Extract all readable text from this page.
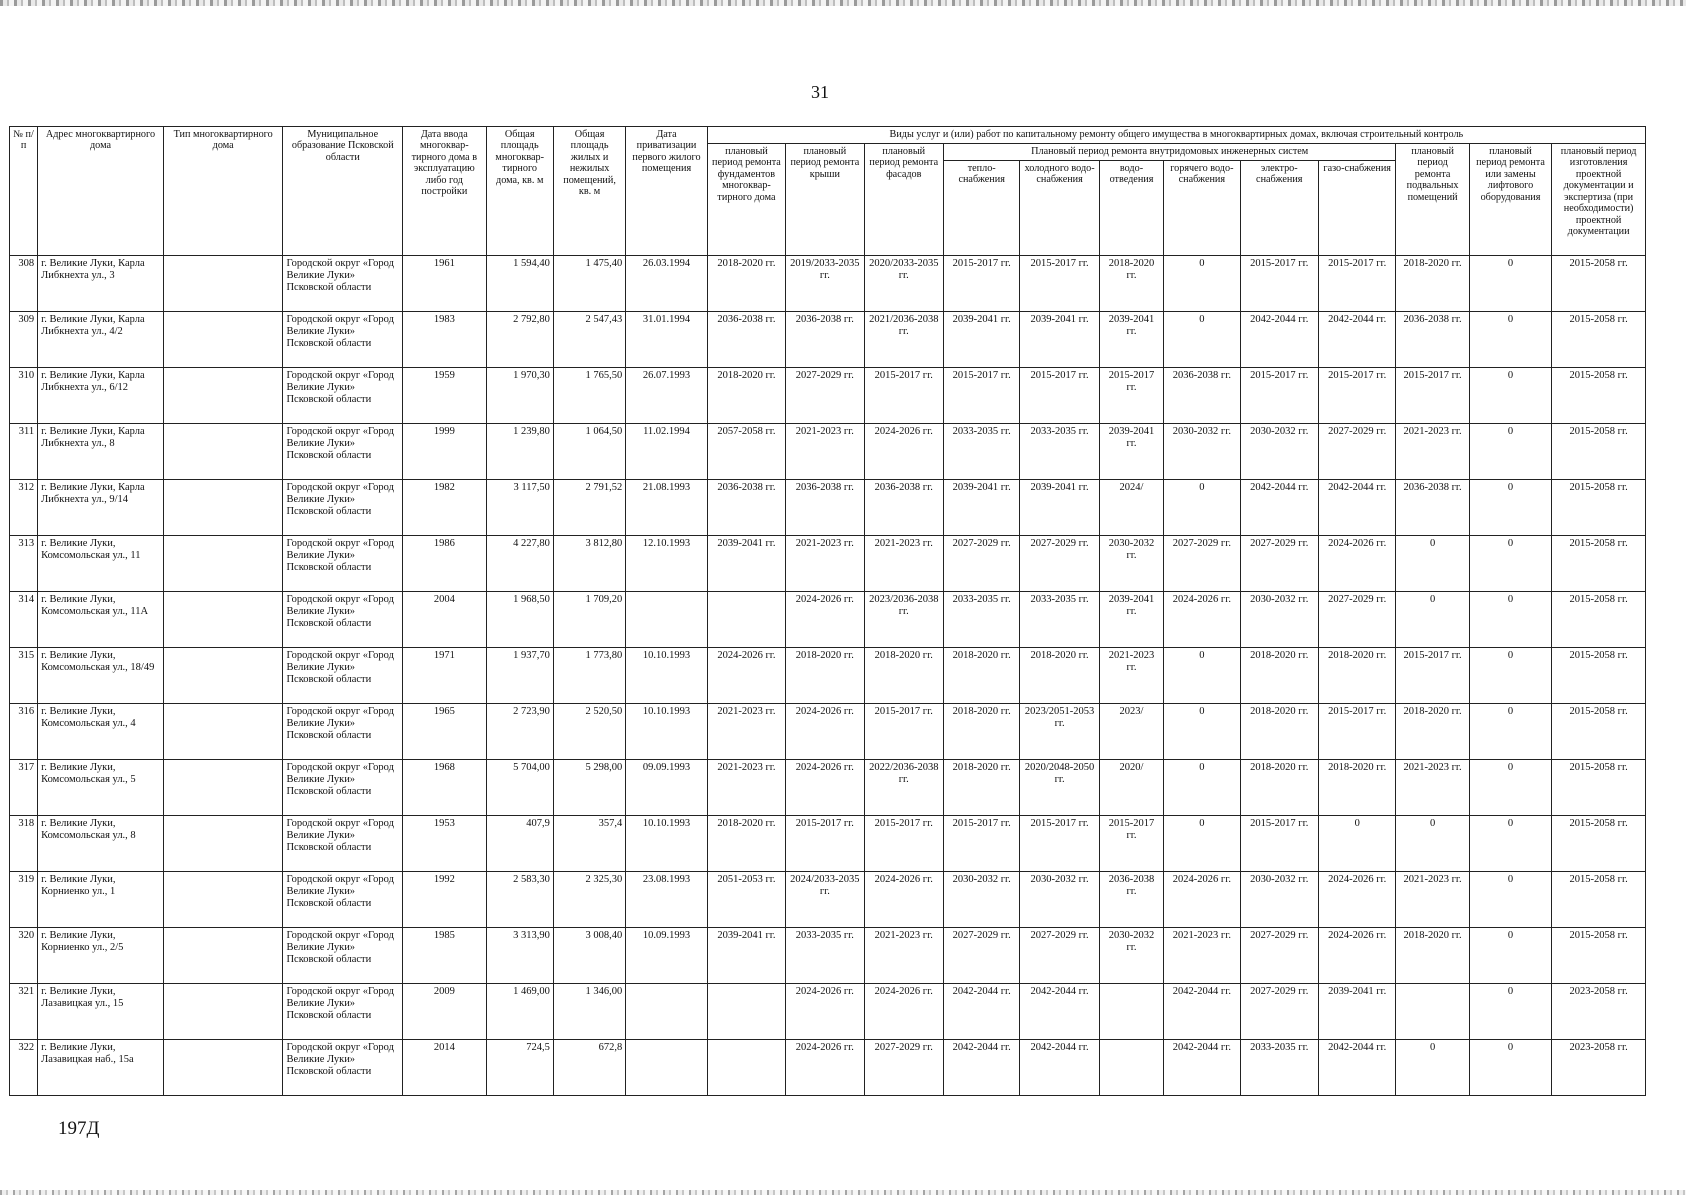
31
№ п/п	Адрес многоквартирного дома	Тип многоквартирного дома	Муниципальное образование Псковской области	Дата ввода многоквар-тирного дома в эксплуатацию либо год постройки	Общая площадь многоквар-тирного дома, кв. м	Общая площадь жилых и нежилых помещений, кв. м	Дата приватизации первого жилого помещения	Виды услуг и (или) работ по капитальному ремонту общего имущества в многоквартирных домах, включая строительный контроль											
								плановый период ремонта фундаментов многоквар-тирного дома	плановый период ремонта крыши	плановый период ремонта фасадов	Плановый период ремонта внутридомовых инженерных систем						плановый период ремонта подвальных помещений	плановый период ремонта или замены лифтового оборудования	плановый период изготовления проектной документации и экспертиза (при необходимости) проектной документации
											тепло-снабжения	холодного водо-снабжения	водо-отведения	горячего водо-снабжения	электро-снабжения	газо-снабжения			
308	г. Великие Луки, Карла Либкнехта ул., 3		Городской округ «Город Великие Луки» Псковской области	1961	1 594,40	1 475,40	26.03.1994	2018-2020 гг.	2019/2033-2035 гг.	2020/2033-2035 гг.	2015-2017 гг.	2015-2017 гг.	2018-2020 гг.	0	2015-2017 гг.	2015-2017 гг.	2018-2020 гг.	0	2015-2058 гг.
309	г. Великие Луки, Карла Либкнехта ул., 4/2		Городской округ «Город Великие Луки» Псковской области	1983	2 792,80	2 547,43	31.01.1994	2036-2038 гг.	2036-2038 гг.	2021/2036-2038 гг.	2039-2041 гг.	2039-2041 гг.	2039-2041 гг.	0	2042-2044 гг.	2042-2044 гг.	2036-2038 гг.	0	2015-2058 гг.
310	г. Великие Луки, Карла Либкнехта ул., 6/12		Городской округ «Город Великие Луки» Псковской области	1959	1 970,30	1 765,50	26.07.1993	2018-2020 гг.	2027-2029 гг.	2015-2017 гг.	2015-2017 гг.	2015-2017 гг.	2015-2017 гг.	2036-2038 гг.	2015-2017 гг.	2015-2017 гг.	2015-2017 гг.	0	2015-2058 гг.
311	г. Великие Луки, Карла Либкнехта ул., 8		Городской округ «Город Великие Луки» Псковской области	1999	1 239,80	1 064,50	11.02.1994	2057-2058 гг.	2021-2023 гг.	2024-2026 гг.	2033-2035 гг.	2033-2035 гг.	2039-2041 гг.	2030-2032 гг.	2030-2032 гг.	2027-2029 гг.	2021-2023 гг.	0	2015-2058 гг.
312	г. Великие Луки, Карла Либкнехта ул., 9/14		Городской округ «Город Великие Луки» Псковской области	1982	3 117,50	2 791,52	21.08.1993	2036-2038 гг.	2036-2038 гг.	2036-2038 гг.	2039-2041 гг.	2039-2041 гг.	2024/	0	2042-2044 гг.	2042-2044 гг.	2036-2038 гг.	0	2015-2058 гг.
313	г. Великие Луки, Комсомольская ул., 11		Городской округ «Город Великие Луки» Псковской области	1986	4 227,80	3 812,80	12.10.1993	2039-2041 гг.	2021-2023 гг.	2021-2023 гг.	2027-2029 гг.	2027-2029 гг.	2030-2032 гг.	2027-2029 гг.	2027-2029 гг.	2024-2026 гг.	0	0	2015-2058 гг.
314	г. Великие Луки, Комсомольская ул., 11А		Городской округ «Город Великие Луки» Псковской области	2004	1 968,50	1 709,20			2024-2026 гг.	2023/2036-2038 гг.	2033-2035 гг.	2033-2035 гг.	2039-2041 гг.	2024-2026 гг.	2030-2032 гг.	2027-2029 гг.	0	0	2015-2058 гг.
315	г. Великие Луки, Комсомольская ул., 18/49		Городской округ «Город Великие Луки» Псковской области	1971	1 937,70	1 773,80	10.10.1993	2024-2026 гг.	2018-2020 гг.	2018-2020 гг.	2018-2020 гг.	2018-2020 гг.	2021-2023 гг.	0	2018-2020 гг.	2018-2020 гг.	2015-2017 гг.	0	2015-2058 гг.
316	г. Великие Луки, Комсомольская ул., 4		Городской округ «Город Великие Луки» Псковской области	1965	2 723,90	2 520,50	10.10.1993	2021-2023 гг.	2024-2026 гг.	2015-2017 гг.	2018-2020 гг.	2023/2051-2053 гг.	2023/	0	2018-2020 гг.	2015-2017 гг.	2018-2020 гг.	0	2015-2058 гг.
317	г. Великие Луки, Комсомольская ул., 5		Городской округ «Город Великие Луки» Псковской области	1968	5 704,00	5 298,00	09.09.1993	2021-2023 гг.	2024-2026 гг.	2022/2036-2038 гг.	2018-2020 гг.	2020/2048-2050 гг.	2020/	0	2018-2020 гг.	2018-2020 гг.	2021-2023 гг.	0	2015-2058 гг.
318	г. Великие Луки, Комсомольская ул., 8		Городской округ «Город Великие Луки» Псковской области	1953	407,9	357,4	10.10.1993	2018-2020 гг.	2015-2017 гг.	2015-2017 гг.	2015-2017 гг.	2015-2017 гг.	2015-2017 гг.	0	2015-2017 гг.	0	0	0	2015-2058 гг.
319	г. Великие Луки, Корниенко ул., 1		Городской округ «Город Великие Луки» Псковской области	1992	2 583,30	2 325,30	23.08.1993	2051-2053 гг.	2024/2033-2035 гг.	2024-2026 гг.	2030-2032 гг.	2030-2032 гг.	2036-2038 гг.	2024-2026 гг.	2030-2032 гг.	2024-2026 гг.	2021-2023 гг.	0	2015-2058 гг.
320	г. Великие Луки, Корниенко ул., 2/5		Городской округ «Город Великие Луки» Псковской области	1985	3 313,90	3 008,40	10.09.1993	2039-2041 гг.	2033-2035 гг.	2021-2023 гг.	2027-2029 гг.	2027-2029 гг.	2030-2032 гг.	2021-2023 гг.	2027-2029 гг.	2024-2026 гг.	2018-2020 гг.	0	2015-2058 гг.
321	г. Великие Луки, Лазавицкая ул., 15		Городской округ «Город Великие Луки» Псковской области	2009	1 469,00	1 346,00			2024-2026 гг.	2024-2026 гг.	2042-2044 гг.	2042-2044 гг.		2042-2044 гг.	2027-2029 гг.	2039-2041 гг.		0	2023-2058 гг.
322	г. Великие Луки, Лазавицкая наб., 15а		Городской округ «Город Великие Луки» Псковской области	2014	724,5	672,8			2024-2026 гг.	2027-2029 гг.	2042-2044 гг.	2042-2044 гг.		2042-2044 гг.	2033-2035 гг.	2042-2044 гг.	0	0	2023-2058 гг.
197Д
